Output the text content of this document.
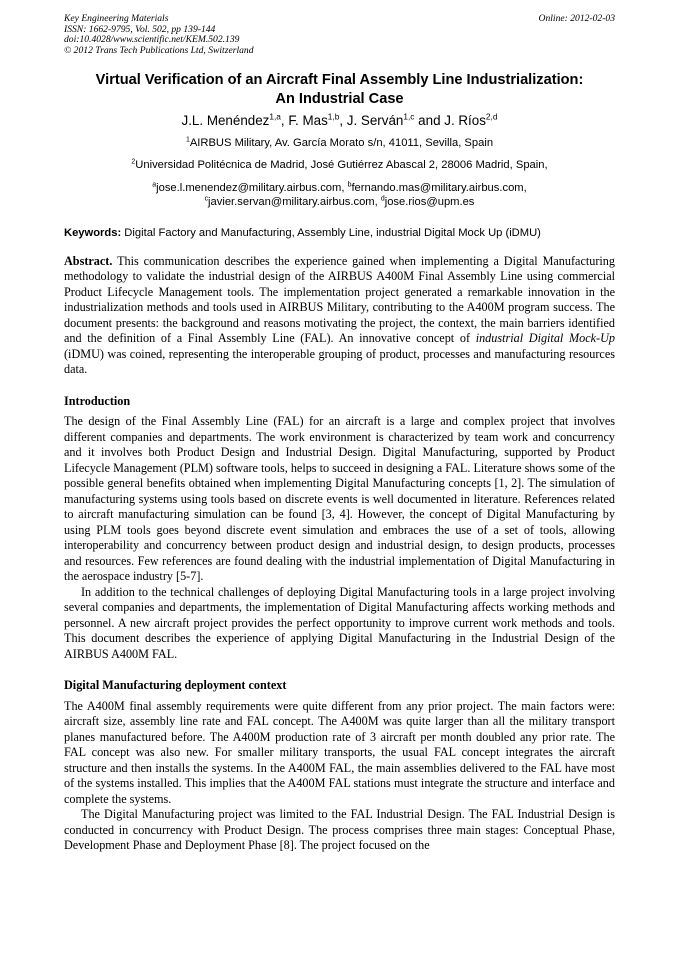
Key Engineering Materials
ISSN: 1662-9795, Vol. 502, pp 139-144
doi:10.4028/www.scientific.net/KEM.502.139
© 2012 Trans Tech Publications Ltd, Switzerland
Online: 2012-02-03
Virtual Verification of an Aircraft Final Assembly Line Industrialization:
An Industrial Case
J.L. Menéndez$^{1,a}$, F. Mas$^{1,b}$, J. Serván$^{1,c}$ and J. Ríos$^{2,d}$
$^1$AIRBUS Military, Av. García Morato s/n, 41011, Sevilla, Spain
$^2$Universidad Politécnica de Madrid, José Gutiérrez Abascal 2, 28006 Madrid, Spain,
$^a$jose.l.menendez@military.airbus.com, $^b$fernando.mas@military.airbus.com,
$^c$javier.servan@military.airbus.com, $^d$jose.rios@upm.es
Keywords: Digital Factory and Manufacturing, Assembly Line, industrial Digital Mock Up (iDMU)

Abstract. This communication describes the experience gained when implementing a Digital Manufacturing methodology to validate the industrial design of the AIRBUS A400M Final Assembly Line using commercial Product Lifecycle Management tools. The implementation project generated a remarkable innovation in the industrialization methods and tools used in AIRBUS Military, contributing to the A400M program success. The document presents: the background and reasons motivating the project, the context, the main barriers identified and the definition of a Final Assembly Line (FAL). An innovative concept of industrial Digital Mock-Up (iDMU) was coined, representing the interoperable grouping of product, processes and manufacturing resources data.

Introduction

The design of the Final Assembly Line (FAL) for an aircraft is a large and complex project that involves different companies and departments. The work environment is characterized by team work and concurrency and it involves both Product Design and Industrial Design. Digital Manufacturing, supported by Product Lifecycle Management (PLM) software tools, helps to succeed in designing a FAL. Literature shows some of the possible general benefits obtained when implementing Digital Manufacturing concepts [1, 2]. The simulation of manufacturing systems using tools based on discrete events is well documented in literature. References related to aircraft manufacturing simulation can be found [3, 4]. However, the concept of Digital Manufacturing by using PLM tools goes beyond discrete event simulation and embraces the use of a set of tools, allowing interoperability and concurrency between product design and industrial design, to design products, processes and resources. Few references are found dealing with the industrial implementation of Digital Manufacturing in the aerospace industry [5-7].

In addition to the technical challenges of deploying Digital Manufacturing tools in a large project involving several companies and departments, the implementation of Digital Manufacturing affects working methods and personnel. A new aircraft project provides the perfect opportunity to improve current work methods and tools. This document describes the experience of applying Digital Manufacturing in the Industrial Design of the AIRBUS A400M FAL.

Digital Manufacturing deployment context

The A400M final assembly requirements were quite different from any prior project. The main factors were: aircraft size, assembly line rate and FAL concept. The A400M was quite larger than all the military transport planes manufactured before. The A400M production rate of 3 aircraft per month doubled any prior rate. The FAL concept was also new. For smaller military transports, the usual FAL concept integrates the aircraft structure and then installs the systems. In the A400M FAL, the main assemblies delivered to the FAL have most of the systems installed. This implies that the A400M FAL stations must integrate the structure and interface and complete the systems.

The Digital Manufacturing project was limited to the FAL Industrial Design. The FAL Industrial Design is conducted in concurrency with Product Design. The process comprises three main stages: Conceptual Phase, Development Phase and Deployment Phase [8]. The project focused on the
